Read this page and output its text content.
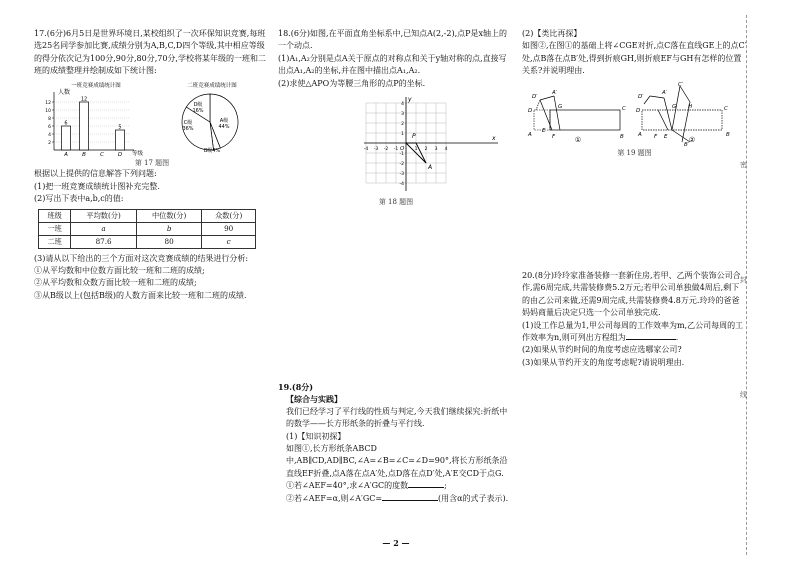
17.(6分)6月5日是世界环境日,某校组织了一次环保知识竞赛,每班选25名同学参加比赛,成绩分别为A,B,C,D四个等级,其中相应等级的得分依次记为100分,90分,80分,70分,学校将某年级的一班和二班的成绩整理并绘制成如下统计图:

一班竞赛成绩统计图
人数
2
4
6
8
10
12
6
A
12
B	C
5
D 等级
二班竞赛成绩统计图
A级 44%
B级4%
C级 36%
D级 16%

第 17 题图

根据以上提供的信息解答下列问题:

(1)把一班竞赛成绩统计图补充完整.

(2)写出下表中a,b,c的值:

班级	平均数(分)	中位数(分)	众数(分)
一班	a	b	90
二班	87.6	80	c

(3)请从以下给出的三个方面对这次竞赛成绩的结果进行分析:

①从平均数和中位数方面比较一班和二班的成绩;

②从平均数和众数方面比较一班和二班的成绩;

③从B级以上(包括B级)的人数方面来比较一班和二班的成绩.

18.(6分)如图,在平面直角坐标系中,已知点A(2,-2),点P是x轴上的一个动点.

(1)A₁,A₂分别是点A关于原点的对称点和关于y轴对称的点,直接写出点A₁,A₂的坐标,并在图中描出点A₁,A₂.

(2)求使△APO为等腰三角形的点P的坐标.

y
x
O
-4 -3 -2 -1	1 2 3 4
4
3
2
1
-1
-2
-3
-4
P
A

第 18 题图

(2)【类比再探】

如图②,在图①的基础上将∠CGE对折,点C落在直线GE上的点C′处,点B落在点B′处,得到折痕GH,则折痕EF与GH有怎样的位置关系?并说明理由.

D′
A′
D
G	C
F
E
A	B
D′
A′
D
G	C
F
H
E
C′
A	B
B′
①	②

第 19 题图

19.(8分)

【综合与实践】

我们已经学习了平行线的性质与判定,今天我们继续探究:折纸中的数学——长方形纸条的折叠与平行线.

(1)【知识初探】

如图①,长方形纸条ABCD中,AB∥CD,AD∥BC,∠A=∠B=∠C=∠D=90°,将长方形纸条沿直线EF折叠,点A落在点A′处,点D落在点D′处,A′E交CD于点G.

①若∠AEF=40°,求∠A′GC的度数	;

②若∠AEF=α,则∠A′GC=	(用含α的式子表示).

20.(8分)玲玲家准备装修一套新住房,若甲、乙两个装饰公司合作,需6周完成,共需装修费5.2万元;若甲公司单独做4周后,剩下的由乙公司来做,还需9周完成,共需装修费4.8万元.玲玲的爸爸妈妈商量后决定只选一个公司单独完成.

(1)设工作总量为1,甲公司每周的工作效率为m,乙公司每周的工作效率为n,则可列出方程组为	.

(2)如果从节约时间的角度考虑应选哪家公司?

(3)如果从节约开支的角度考虑呢?请说明理由.

— 2 —
密
封
线
